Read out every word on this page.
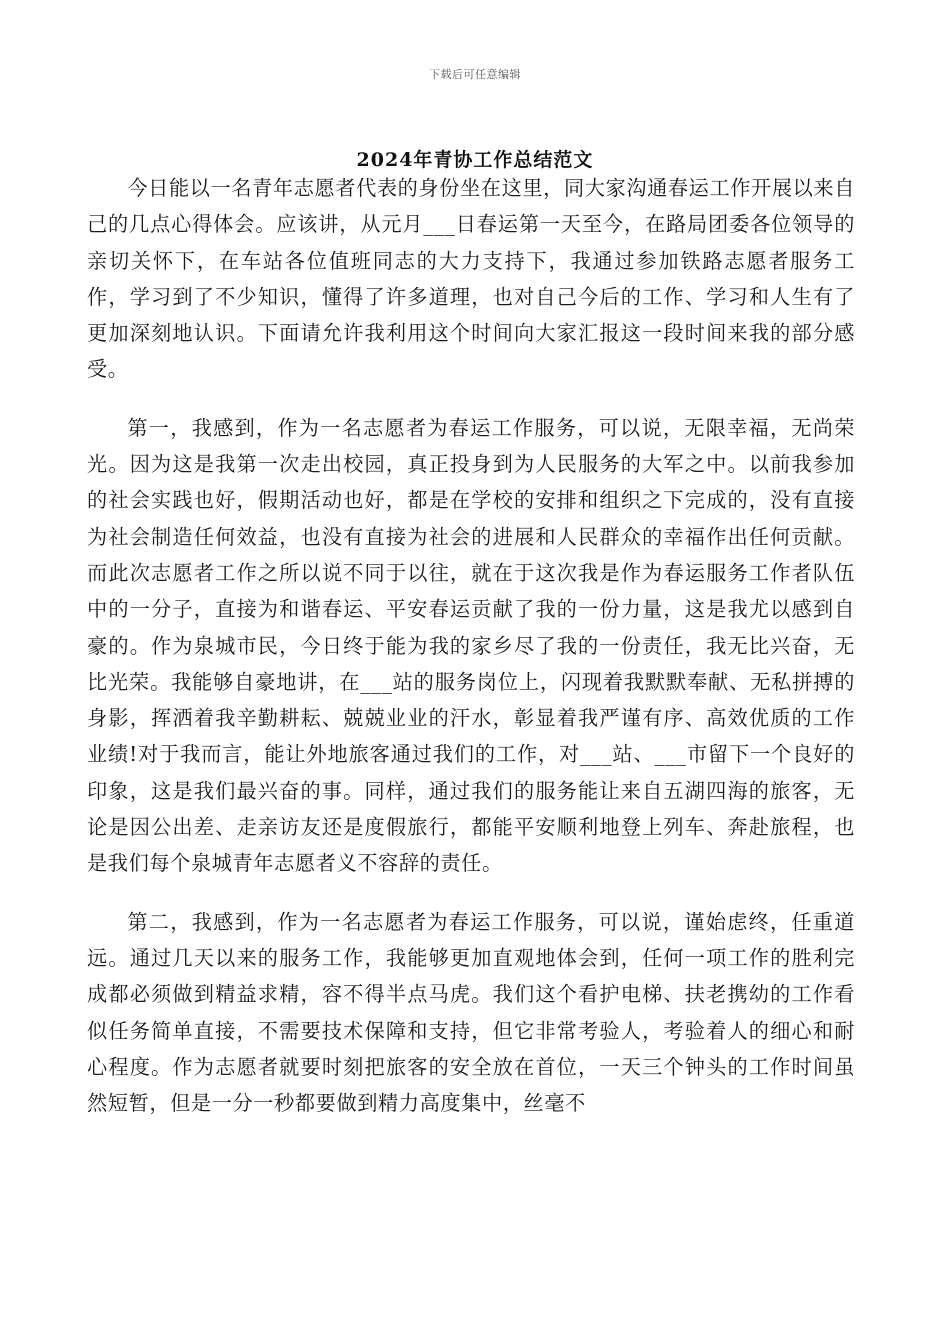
下载后可任意编辑
2024年青协工作总结范文

今日能以一名青年志愿者代表的身份坐在这里，同大家沟通春运工作开展以来自己的几点心得体会。应该讲，从元月___日春运第一天至今，在路局团委各位领导的亲切关怀下，在车站各位值班同志的大力支持下，我通过参加铁路志愿者服务工作，学习到了不少知识，懂得了许多道理，也对自己今后的工作、学习和人生有了更加深刻地认识。下面请允许我利用这个时间向大家汇报这一段时间来我的部分感受。

第一，我感到，作为一名志愿者为春运工作服务，可以说，无限幸福，无尚荣光。因为这是我第一次走出校园，真正投身到为人民服务的大军之中。以前我参加的社会实践也好，假期活动也好，都是在学校的安排和组织之下完成的，没有直接为社会制造任何效益，也没有直接为社会的进展和人民群众的幸福作出任何贡献。而此次志愿者工作之所以说不同于以往，就在于这次我是作为春运服务工作者队伍中的一分子，直接为和谐春运、平安春运贡献了我的一份力量，这是我尤以感到自豪的。作为泉城市民，今日终于能为我的家乡尽了我的一份责任，我无比兴奋，无比光荣。我能够自豪地讲，在___站的服务岗位上，闪现着我默默奉献、无私拼搏的身影，挥洒着我辛勤耕耘、兢兢业业的汗水，彰显着我严谨有序、高效优质的工作业绩!对于我而言，能让外地旅客通过我们的工作，对___站、___市留下一个良好的印象，这是我们最兴奋的事。同样，通过我们的服务能让来自五湖四海的旅客，无论是因公出差、走亲访友还是度假旅行，都能平安顺利地登上列车、奔赴旅程，也是我们每个泉城青年志愿者义不容辞的责任。

第二，我感到，作为一名志愿者为春运工作服务，可以说，谨始虑终，任重道远。通过几天以来的服务工作，我能够更加直观地体会到，任何一项工作的胜利完成都必须做到精益求精，容不得半点马虎。我们这个看护电梯、扶老携幼的工作看似任务简单直接，不需要技术保障和支持，但它非常考验人，考验着人的细心和耐心程度。作为志愿者就要时刻把旅客的安全放在首位，一天三个钟头的工作时间虽然短暂，但是一分一秒都要做到精力高度集中，丝毫不
